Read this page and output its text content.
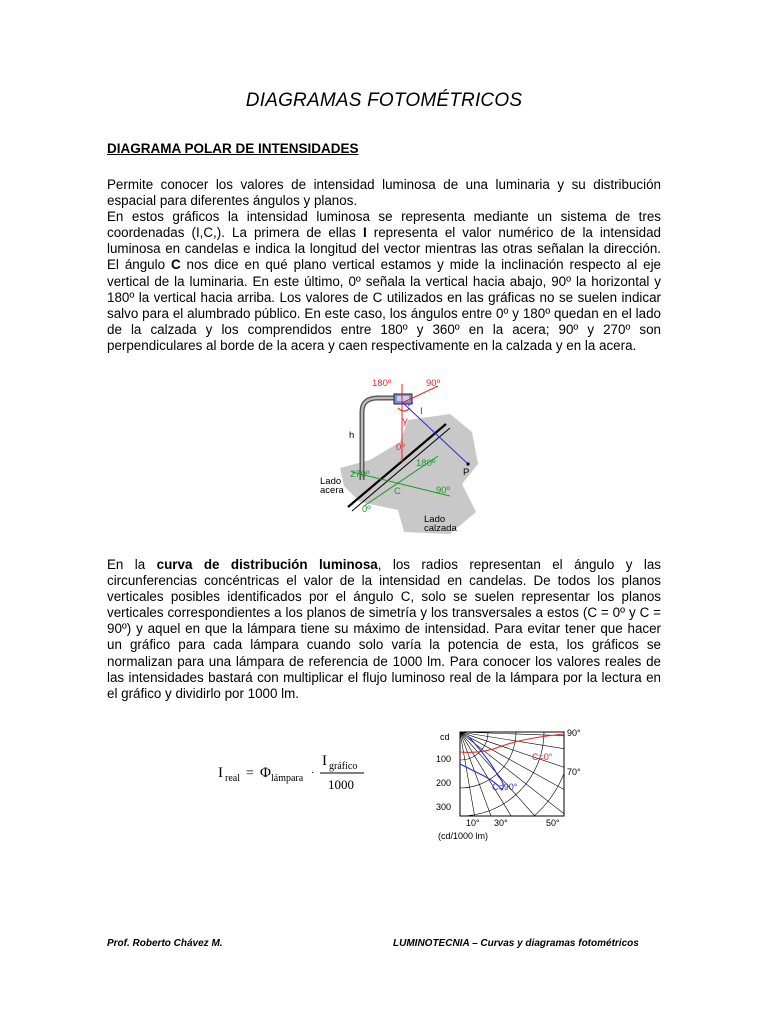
DIAGRAMAS FOTOMÉTRICOS
DIAGRAMA POLAR DE INTENSIDADES

Permite conocer los valores de intensidad luminosa de una luminaria y su distribución espacial para diferentes ángulos y planos.

En estos gráficos la intensidad luminosa se representa mediante un sistema de tres coordenadas (I,C,). La primera de ellas I representa el valor numérico de la intensidad luminosa en candelas e indica la longitud del vector mientras las otras señalan la dirección. El ángulo C nos dice en qué plano vertical estamos y mide la inclinación respecto al eje vertical de la luminaria. En este último, 0º señala la vertical hacia abajo, 90º la horizontal y 180º la vertical hacia arriba. Los valores de C utilizados en las gráficas no se suelen indicar salvo para el alumbrado público. En este caso, los ángulos entre 0º y 180º quedan en el lado de la calzada y los comprendidos entre 180º y 360º en la acera; 90º y 270º son perpendiculares al borde de la acera y caen respectivamente en la calzada y en la acera.

180º	90º
γ
I
h
0º
180º
P
270º
Lado
acera	C	90º
0º
Lado
calzada

En la curva de distribución luminosa, los radios representan el ángulo y las circunferencias concéntricas el valor de la intensidad en candelas. De todos los planos verticales posibles identificados por el ángulo C, solo se suelen representar los planos verticales correspondientes a los planos de simetría y los transversales a estos (C = 0º y C = 90º) y aquel en que la lámpara tiene su máximo de intensidad. Para evitar tener que hacer un gráfico para cada lámpara cuando solo varía la potencia de esta, los gráficos se normalizan para una lámpara de referencia de 1000 lm. Para conocer los valores reales de las intensidades bastará con multiplicar el flujo luminoso real de la lámpara por la lectura en el gráfico y dividirlo por 1000 lm.

I real = Φ lámpara ·
I gráfico
1000
cd
100
200
300
10° 30°	50°
90°
70°
(cd/1000 lm)
C=0°
C=90°
Prof. Roberto Chávez M.	LUMINOTECNIA – Curvas y diagramas fotométricos
